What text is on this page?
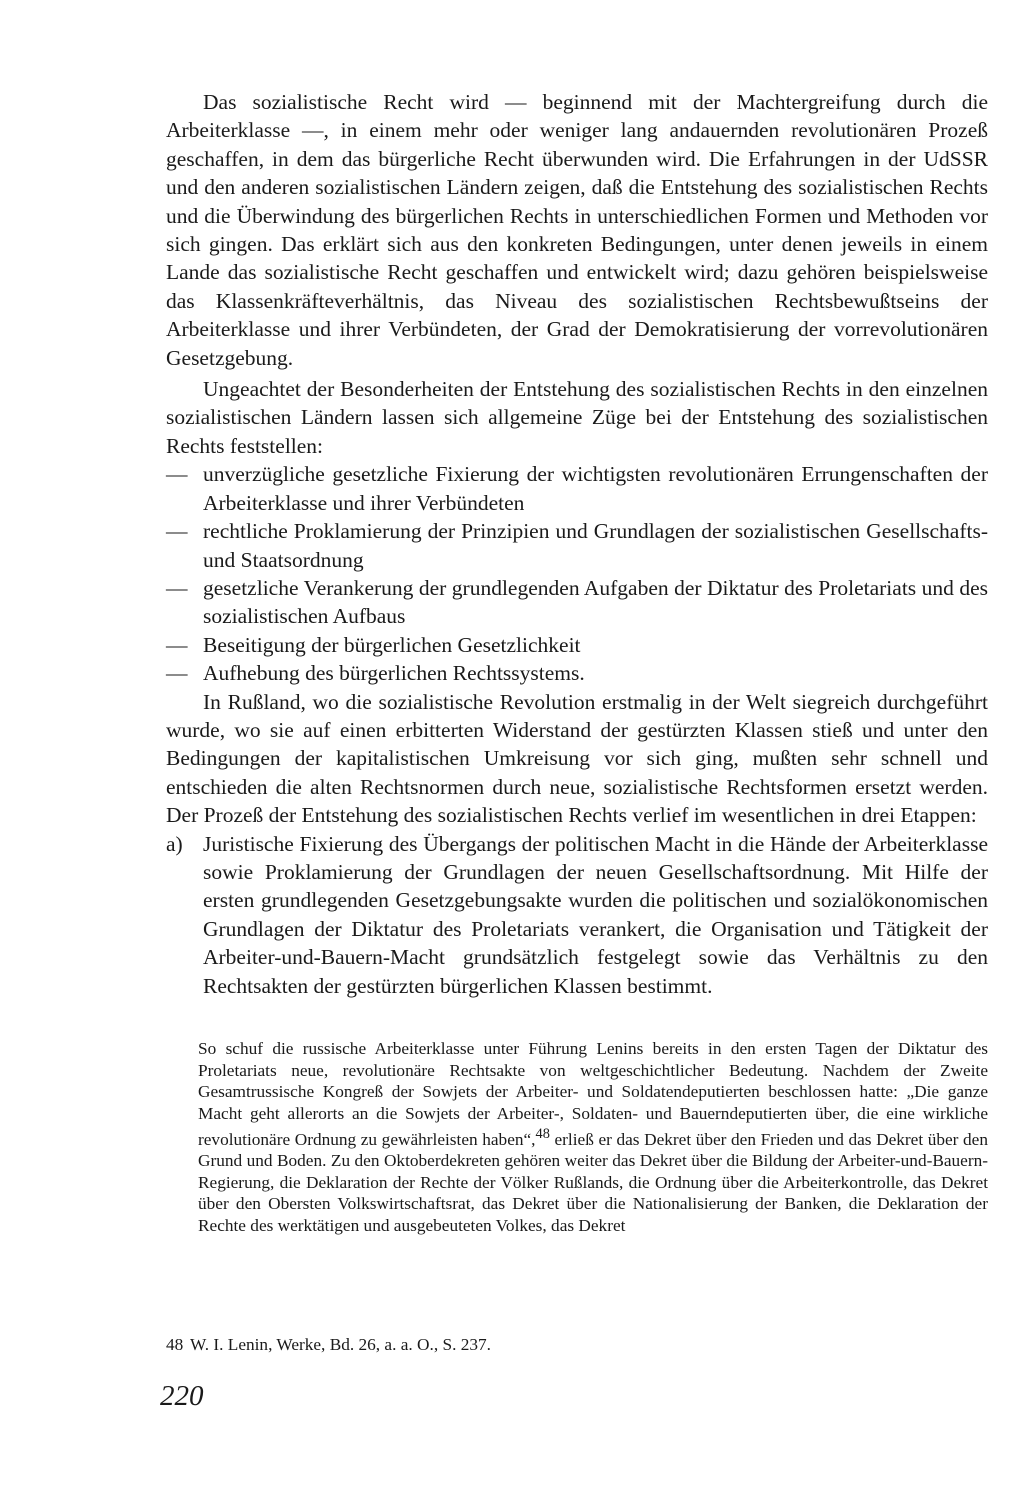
Das sozialistische Recht wird — beginnend mit der Machtergreifung durch die Arbeiterklasse —, in einem mehr oder weniger lang andauernden revolutionären Prozeß geschaffen, in dem das bürgerliche Recht überwunden wird. Die Erfahrungen in der UdSSR und den anderen sozialistischen Ländern zeigen, daß die Entstehung des sozialistischen Rechts und die Überwindung des bürgerlichen Rechts in unterschiedlichen Formen und Methoden vor sich gingen. Das erklärt sich aus den konkreten Bedingungen, unter denen jeweils in einem Lande das sozialistische Recht geschaffen und entwickelt wird; dazu gehören beispielsweise das Klassenkräfteverhältnis, das Niveau des sozialistischen Rechtsbewußtseins der Arbeiterklasse und ihrer Verbündeten, der Grad der Demokratisierung der vorrevolutionären Gesetzgebung.

Ungeachtet der Besonderheiten der Entstehung des sozialistischen Rechts in den einzelnen sozialistischen Ländern lassen sich allgemeine Züge bei der Entstehung des sozialistischen Rechts feststellen:

— unverzügliche gesetzliche Fixierung der wichtigsten revolutionären Errungenschaften der Arbeiterklasse und ihrer Verbündeten
— rechtliche Proklamierung der Prinzipien und Grundlagen der sozialistischen Gesellschafts- und Staatsordnung
— gesetzliche Verankerung der grundlegenden Aufgaben der Diktatur des Proletariats und des sozialistischen Aufbaus
— Beseitigung der bürgerlichen Gesetzlichkeit
— Aufhebung des bürgerlichen Rechtssystems.

In Rußland, wo die sozialistische Revolution erstmalig in der Welt siegreich durchgeführt wurde, wo sie auf einen erbitterten Widerstand der gestürzten Klassen stieß und unter den Bedingungen der kapitalistischen Umkreisung vor sich ging, mußten sehr schnell und entschieden die alten Rechtsnormen durch neue, sozialistische Rechtsformen ersetzt werden. Der Prozeß der Entstehung des sozialistischen Rechts verlief im wesentlichen in drei Etappen:

a) Juristische Fixierung des Übergangs der politischen Macht in die Hände der Arbeiterklasse sowie Proklamierung der Grundlagen der neuen Gesellschaftsordnung. Mit Hilfe der ersten grundlegenden Gesetzgebungsakte wurden die politischen und sozialökonomischen Grundlagen der Diktatur des Proletariats verankert, die Organisation und Tätigkeit der Arbeiter-und-Bauern-Macht grundsätzlich festgelegt sowie das Verhältnis zu den Rechtsakten der gestürzten bürgerlichen Klassen bestimmt.

So schuf die russische Arbeiterklasse unter Führung Lenins bereits in den ersten Tagen der Diktatur des Proletariats neue, revolutionäre Rechtsakte von weltgeschichtlicher Bedeutung. Nachdem der Zweite Gesamtrussische Kongreß der Sowjets der Arbeiter- und Soldatendeputierten beschlossen hatte: „Die ganze Macht geht allerorts an die Sowjets der Arbeiter-, Soldaten- und Bauerndeputierten über, die eine wirkliche revolutionäre Ordnung zu gewährleisten haben“,$^{48}$ erließ er das Dekret über den Frieden und das Dekret über den Grund und Boden. Zu den Oktoberdekreten gehören weiter das Dekret über die Bildung der Arbeiter-und-Bauern-Regierung, die Deklaration der Rechte der Völker Rußlands, die Ordnung über die Arbeiterkontrolle, das Dekret über den Obersten Volkswirtschaftsrat, das Dekret über die Nationalisierung der Banken, die Deklaration der Rechte des werktätigen und ausgebeuteten Volkes, das Dekret

48 W. I. Lenin, Werke, Bd. 26, a. a. O., S. 237.
220
